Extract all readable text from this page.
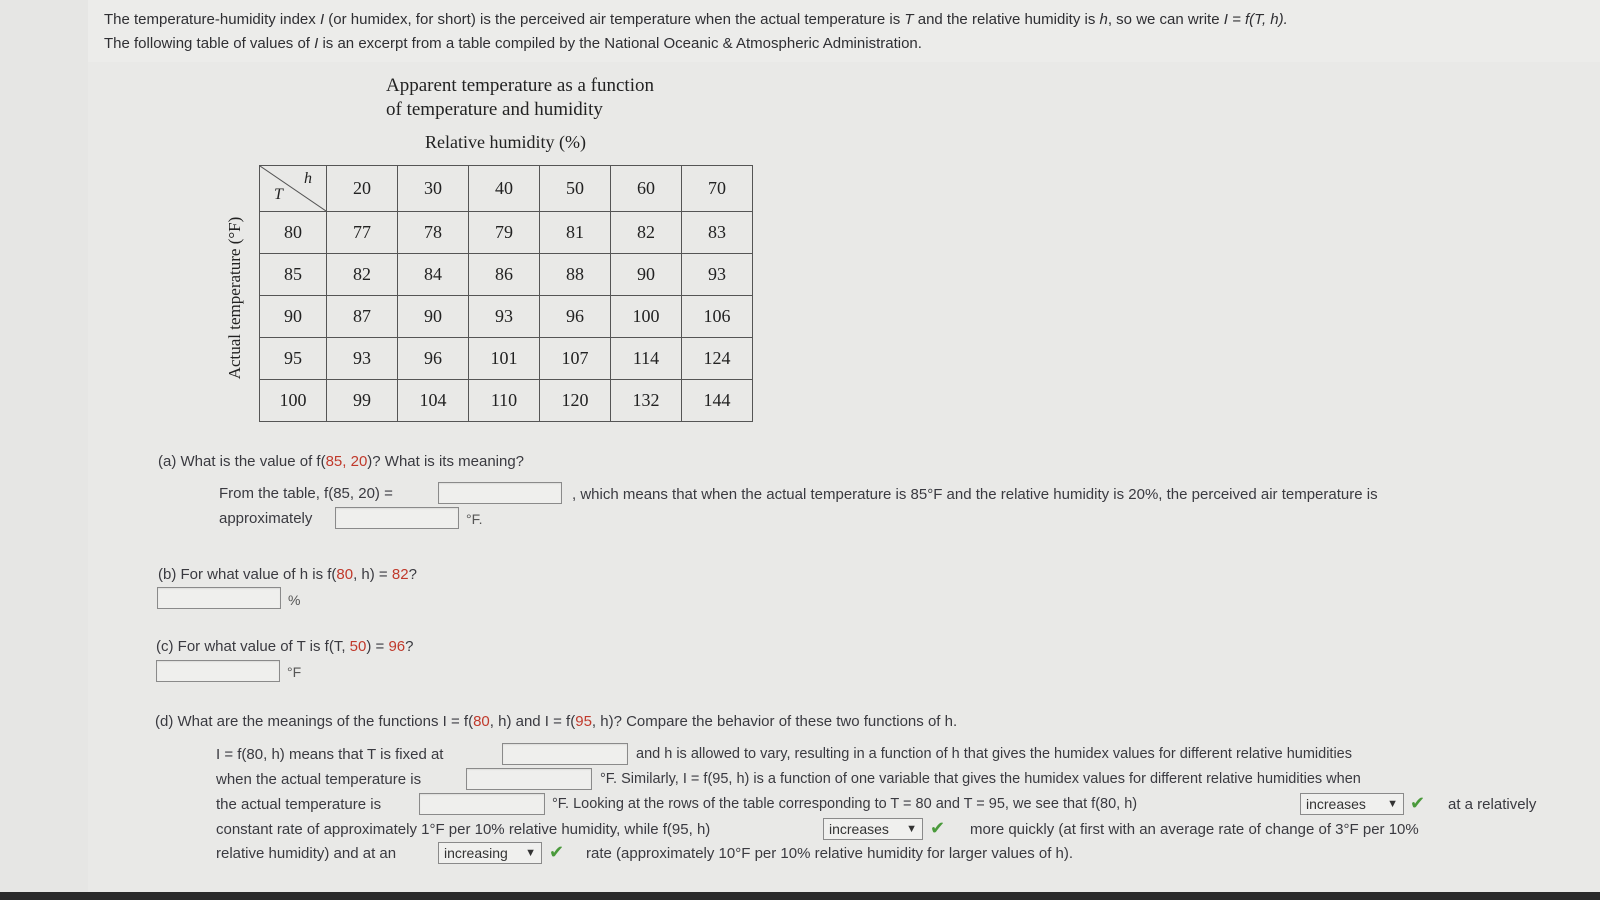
The temperature-humidity index I (or humidex, for short) is the perceived air temperature when the actual temperature is T and the relative humidity is h, so we can write I = f(T, h).
The following table of values of I is an excerpt from a table compiled by the National Oceanic & Atmospheric Administration.
Apparent temperature as a function
of temperature and humidity
Relative humidity (%)
Actual temperature (°F)
h
T	20	30	40	50	60	70
80	77	78	79	81	82	83
85	82	84	86	88	90	93
90	87	90	93	96	100	106
95	93	96	101	107	114	124
100	99	104	110	120	132	144
(a) What is the value of f(85, 20)? What is its meaning?
From the table, f(85, 20) =	, which means that when the actual temperature is 85°F and the relative humidity is 20%, the perceived air temperature is
approximately	°F.
(b) For what value of h is f(80, h) = 82?
%
(c) For what value of T is f(T, 50) = 96?
°F
(d) What are the meanings of the functions I = f(80, h) and I = f(95, h)? Compare the behavior of these two functions of h.
I = f(80, h) means that T is fixed at	and h is allowed to vary, resulting in a function of h that gives the humidex values for different relative humidities
when the actual temperature is	°F. Similarly, I = f(95, h) is a function of one variable that gives the humidex values for different relative humidities when
the actual temperature is	°F. Looking at the rows of the table corresponding to T = 80 and T = 95, we see that f(80, h)	increases ▼ ✔ at a relatively
constant rate of approximately 1°F per 10% relative humidity, while f(95, h)	increases ▼ ✔ more quickly (at first with an average rate of change of 3°F per 10%
relative humidity) and at an	increasing ▼ ✔ rate (approximately 10°F per 10% relative humidity for larger values of h).
